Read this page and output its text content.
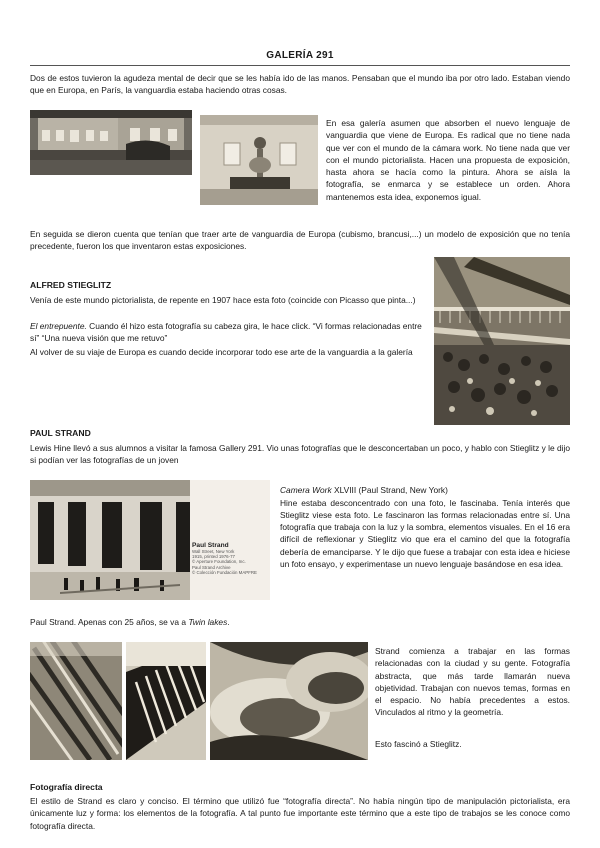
GALERÍA 291

Dos de estos tuvieron la agudeza mental de decir que se les había ido de las manos. Pensaban que el mundo iba por otro lado. Estaban viendo que en Europa, en París, la vanguardia estaba haciendo otras cosas.

En esa galería asumen que absorben el nuevo lenguaje de vanguardia que viene de Europa. Es radical que no tiene nada que ver con el mundo de la cámara work. No tiene nada que ver con el mundo pictorialista. Hacen una propuesta de exposición, hasta ahora se hacía como la pintura. Ahora se aísla la fotografía, se enmarca y se establece un orden. Ahora mantenemos esta idea, exponemos igual.

En seguida se dieron cuenta que tenían que traer arte de vanguardia de Europa (cubismo, brancusi,...) un modelo de exposición que no tenía precedente, fueron los que inventaron estas exposiciones.

ALFRED STIEGLITZ

Venía de este mundo pictorialista, de repente en 1907 hace esta foto (coincide con Picasso que pinta...)

El entrepuente. Cuando él hizo esta fotografía su cabeza gira, le hace click. “Vi formas relacionadas entre sí” “Una nueva visión que me retuvo”

Al volver de su viaje de Europa es cuando decide incorporar todo ese arte de la vanguardia a la galería

PAUL STRAND

Lewis Hine llevó a sus alumnos a visitar la famosa Gallery 291. Vio unas fotografías que le desconcertaban un poco, y hablo con Stieglitz y le dijo si podían ver las fotografías de un joven

Paul Strand

Wall Street, New York

1915, printed 1976-77

© Aperture Foundation, Inc.

Paul Strand Archive

© Colección Fundación MAPFRE

Camera Work XLVIII (Paul Strand, New York)

Hine estaba desconcentrado con una foto, le fascinaba. Tenía interés que Stieglitz viese esta foto. Le fascinaron las formas relacionadas entre sí. Una fotografía que trabaja con la luz y la sombra, elementos visuales. En el 16 era difícil de reflexionar y Stieglitz vio que era el camino del que la fotografía debería de emanciparse. Y le dijo que fuese a trabajar con esta idea e hiciese un foto ensayo, y experimentase un nuevo lenguaje basándose en esa idea.

Paul Strand. Apenas con 25 años, se va a Twin lakes.

Strand comienza a trabajar en las formas relacionadas con la ciudad y su gente. Fotografía abstracta, que más tarde llamarán nueva objetividad. Trabajan con nuevos temas, formas en el espacio. No había precedentes a estos. Vinculados al ritmo y la geometría.

Esto fascinó a Stieglitz.

Fotografía directa

El estilo de Strand es claro y conciso. El término que utilizó fue “fotografía directa”. No había ningún tipo de manipulación pictorialista, era únicamente luz y forma: los elementos de la fotografía. A tal punto fue importante este término que a este tipo de trabajos se les conoce como fotografía directa.
